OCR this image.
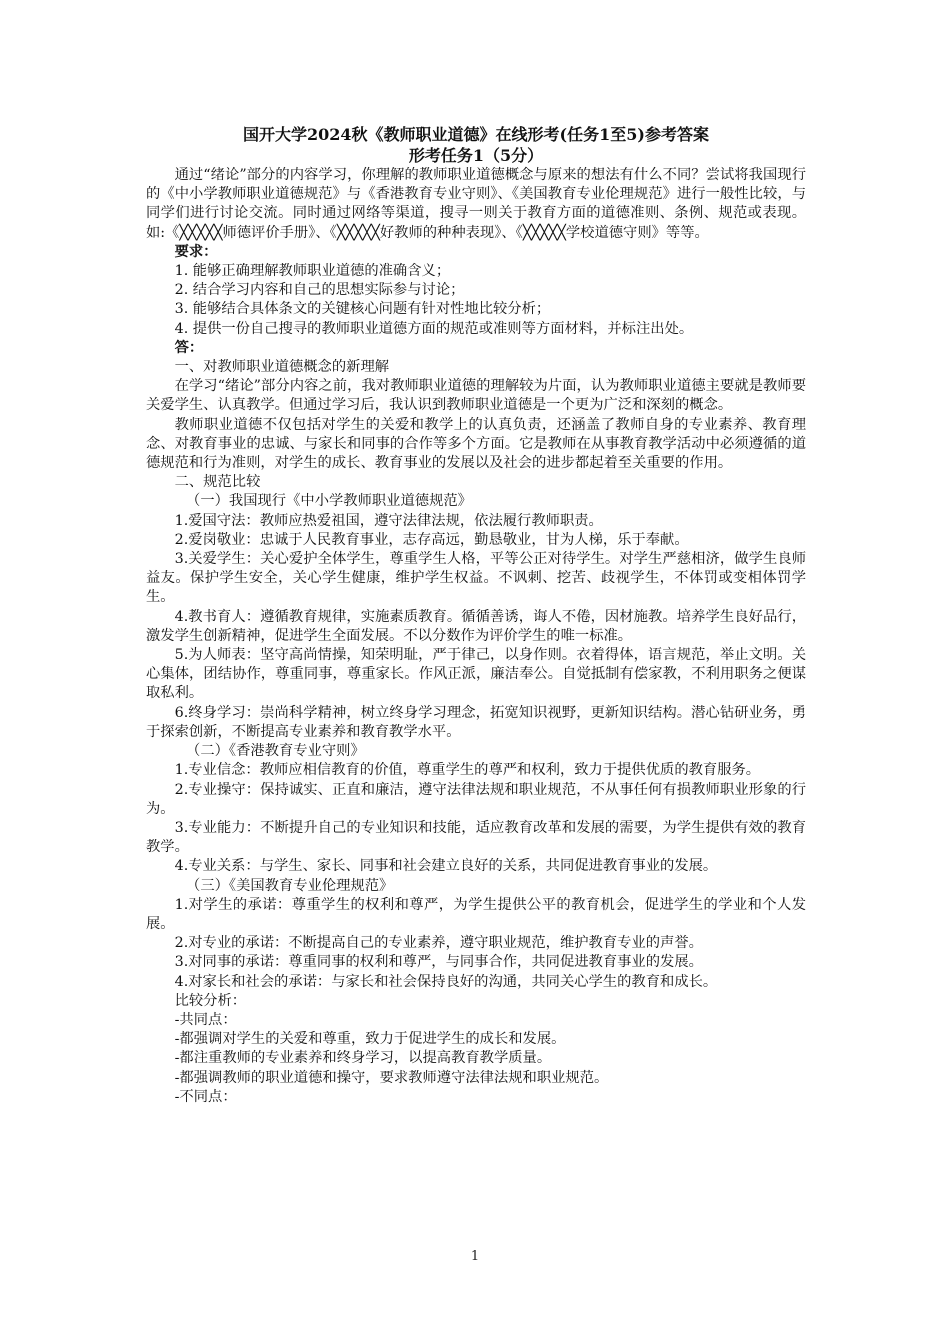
国开大学2024秋《教师职业道德》在线形考(任务1至5)参考答案
形考任务1（5分）

通过“绪论”部分的内容学习，你理解的教师职业道德概念与原来的想法有什么不同？尝试将我国现行的《中小学教师职业道德规范》与《香港教育专业守则》、《美国教育专业伦理规范》进行一般性比较，与同学们进行讨论交流。同时通过网络等渠道，搜寻一则关于教育方面的道德准则、条例、规范或表现。如:《╳╳╳╳╳师德评价手册》、《╳╳╳╳╳好教师的种种表现》、《╳╳╳╳╳学校道德守则》等等。

要求：

1. 能够正确理解教师职业道德的准确含义；

2. 结合学习内容和自己的思想实际参与讨论；

3. 能够结合具体条文的关键核心问题有针对性地比较分析；

4. 提供一份自己搜寻的教师职业道德方面的规范或准则等方面材料，并标注出处。

答：

一、对教师职业道德概念的新理解

在学习“绪论”部分内容之前，我对教师职业道德的理解较为片面，认为教师职业道德主要就是教师要关爱学生、认真教学。但通过学习后，我认识到教师职业道德是一个更为广泛和深刻的概念。

教师职业道德不仅包括对学生的关爱和教学上的认真负责，还涵盖了教师自身的专业素养、教育理念、对教育事业的忠诚、与家长和同事的合作等多个方面。它是教师在从事教育教学活动中必须遵循的道德规范和行为准则，对学生的成长、教育事业的发展以及社会的进步都起着至关重要的作用。

二、规范比较

（一）我国现行《中小学教师职业道德规范》

1.爱国守法：教师应热爱祖国，遵守法律法规，依法履行教师职责。

2.爱岗敬业：忠诚于人民教育事业，志存高远，勤恳敬业，甘为人梯，乐于奉献。

3.关爱学生：关心爱护全体学生，尊重学生人格，平等公正对待学生。对学生严慈相济，做学生良师益友。保护学生安全，关心学生健康，维护学生权益。不讽刺、挖苦、歧视学生，不体罚或变相体罚学生。

4.教书育人：遵循教育规律，实施素质教育。循循善诱，诲人不倦，因材施教。培养学生良好品行，激发学生创新精神，促进学生全面发展。不以分数作为评价学生的唯一标准。

5.为人师表：坚守高尚情操，知荣明耻，严于律己，以身作则。衣着得体，语言规范，举止文明。关心集体，团结协作，尊重同事，尊重家长。作风正派，廉洁奉公。自觉抵制有偿家教，不利用职务之便谋取私利。

6.终身学习：崇尚科学精神，树立终身学习理念，拓宽知识视野，更新知识结构。潜心钻研业务，勇于探索创新，不断提高专业素养和教育教学水平。

（二）《香港教育专业守则》

1.专业信念：教师应相信教育的价值，尊重学生的尊严和权利，致力于提供优质的教育服务。

2.专业操守：保持诚实、正直和廉洁，遵守法律法规和职业规范，不从事任何有损教师职业形象的行为。

3.专业能力：不断提升自己的专业知识和技能，适应教育改革和发展的需要，为学生提供有效的教育教学。

4.专业关系：与学生、家长、同事和社会建立良好的关系，共同促进教育事业的发展。

（三）《美国教育专业伦理规范》

1.对学生的承诺：尊重学生的权利和尊严，为学生提供公平的教育机会，促进学生的学业和个人发展。

2.对专业的承诺：不断提高自己的专业素养，遵守职业规范，维护教育专业的声誉。

3.对同事的承诺：尊重同事的权利和尊严，与同事合作，共同促进教育事业的发展。

4.对家长和社会的承诺：与家长和社会保持良好的沟通，共同关心学生的教育和成长。

比较分析：

-共同点：

-都强调对学生的关爱和尊重，致力于促进学生的成长和发展。

-都注重教师的专业素养和终身学习，以提高教育教学质量。

-都强调教师的职业道德和操守，要求教师遵守法律法规和职业规范。

-不同点：

1
